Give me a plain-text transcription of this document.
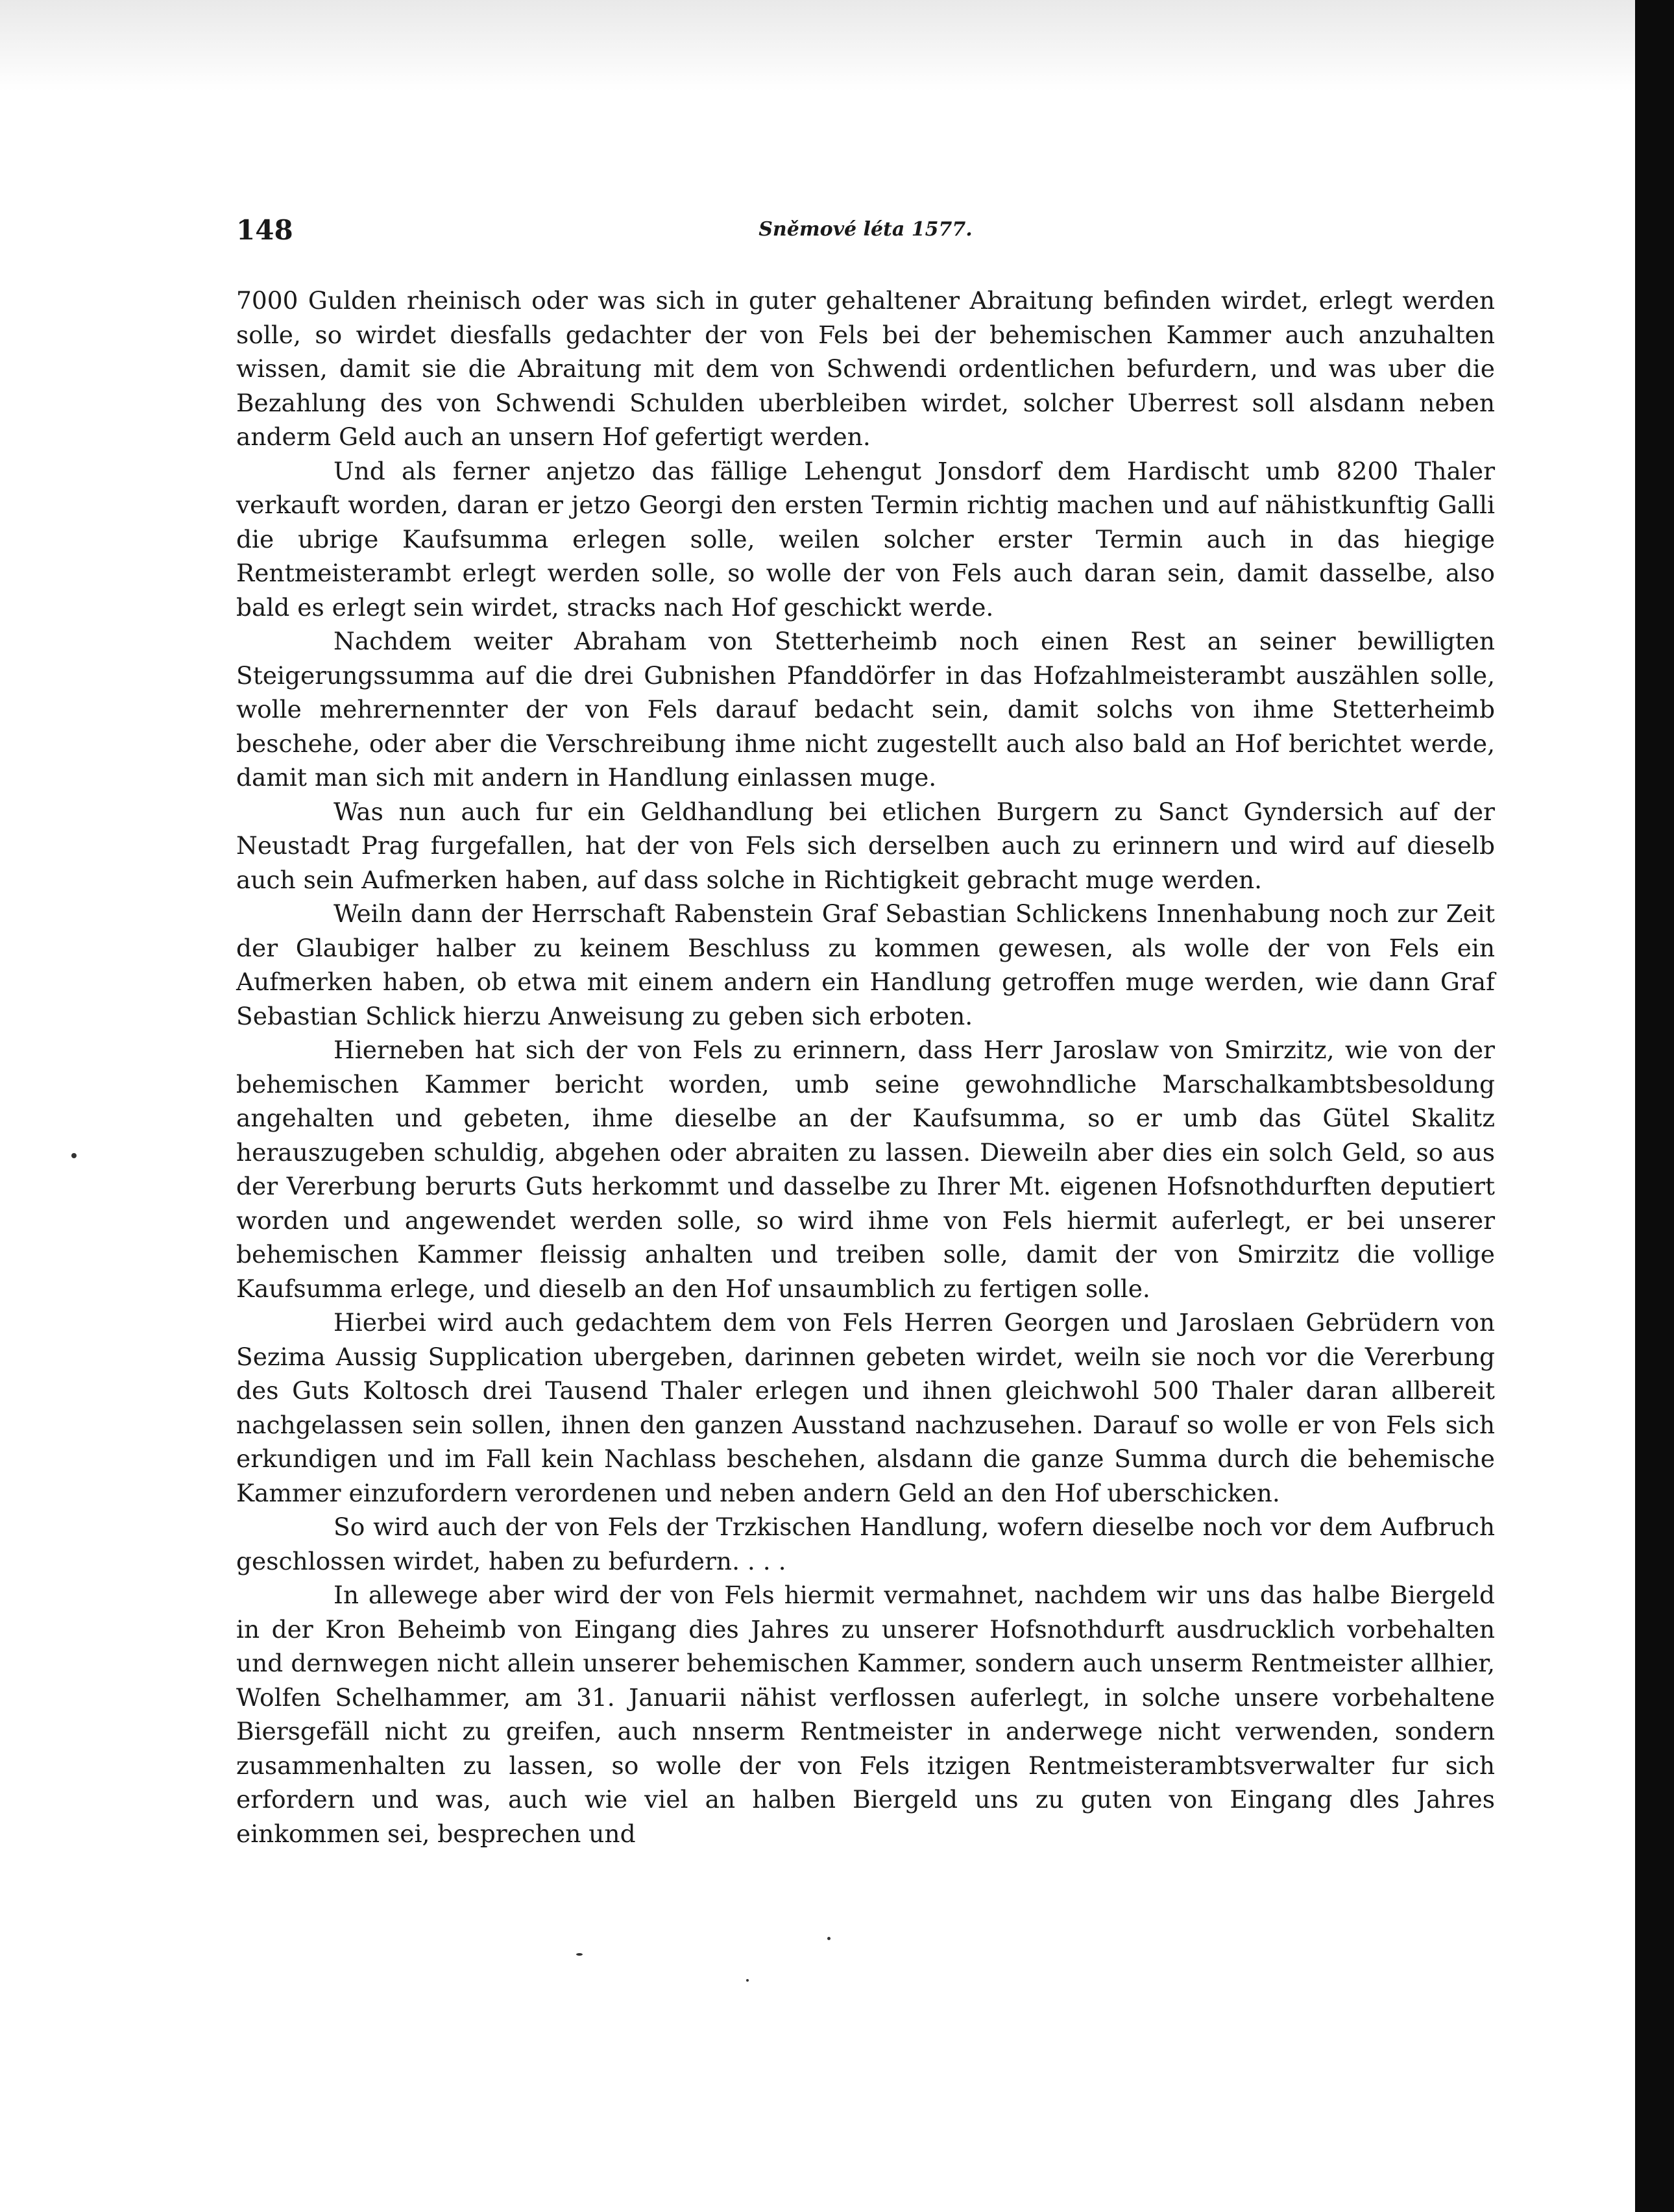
148	Sněmové léta 1577.

7000 Gulden rheinisch oder was sich in guter gehaltener Abraitung befinden wirdet, erlegt werden solle, so wirdet diesfalls gedachter der von Fels bei der behemischen Kammer auch anzuhalten wissen, damit sie die Abraitung mit dem von Schwendi ordentlichen befurdern, und was uber die Bezahlung des von Schwendi Schulden uberbleiben wirdet, solcher Uberrest soll alsdann neben anderm Geld auch an unsern Hof gefertigt werden.

Und als ferner anjetzo das fällige Lehengut Jonsdorf dem Hardischt umb 8200 Thaler verkauft worden, daran er jetzo Georgi den ersten Termin richtig machen und auf nähistkunftig Galli die ubrige Kaufsumma erlegen solle, weilen solcher erster Termin auch in das hiegige Rentmeisterambt erlegt werden solle, so wolle der von Fels auch daran sein, damit dasselbe, also bald es erlegt sein wirdet, stracks nach Hof geschickt werde.

Nachdem weiter Abraham von Stetterheimb noch einen Rest an seiner bewilligten Steigerungssumma auf die drei Gubnishen Pfanddörfer in das Hofzahlmeisterambt auszählen solle, wolle mehrernennter der von Fels darauf bedacht sein, damit solchs von ihme Stetterheimb beschehe, oder aber die Verschreibung ihme nicht zugestellt auch also bald an Hof berichtet werde, damit man sich mit andern in Handlung einlassen muge.

Was nun auch fur ein Geldhandlung bei etlichen Burgern zu Sanct Gyndersich auf der Neustadt Prag furgefallen, hat der von Fels sich derselben auch zu erinnern und wird auf dieselb auch sein Aufmerken haben, auf dass solche in Richtigkeit gebracht muge werden.

Weiln dann der Herrschaft Rabenstein Graf Sebastian Schlickens Innenhabung noch zur Zeit der Glaubiger halber zu keinem Beschluss zu kommen gewesen, als wolle der von Fels ein Aufmerken haben, ob etwa mit einem andern ein Handlung getroffen muge werden, wie dann Graf Sebastian Schlick hierzu Anweisung zu geben sich erboten.

Hierneben hat sich der von Fels zu erinnern, dass Herr Jaroslaw von Smirzitz, wie von der behemischen Kammer bericht worden, umb seine gewohndliche Marschalkambtsbesoldung angehalten und gebeten, ihme dieselbe an der Kaufsumma, so er umb das Gütel Skalitz herauszugeben schuldig, abgehen oder abraiten zu lassen. Dieweiln aber dies ein solch Geld, so aus der Vererbung berurts Guts herkommt und dasselbe zu Ihrer Mt. eigenen Hofsnothdurften deputiert worden und angewendet werden solle, so wird ihme von Fels hiermit auferlegt, er bei unserer behemischen Kammer fleissig anhalten und treiben solle, damit der von Smirzitz die vollige Kaufsumma erlege, und dieselb an den Hof unsaumblich zu fertigen solle.

Hierbei wird auch gedachtem dem von Fels Herren Georgen und Jaroslaen Gebrüdern von Sezima Aussig Supplication ubergeben, darinnen gebeten wirdet, weiln sie noch vor die Vererbung des Guts Koltosch drei Tausend Thaler erlegen und ihnen gleichwohl 500 Thaler daran allbereit nachgelassen sein sollen, ihnen den ganzen Ausstand nachzusehen. Darauf so wolle er von Fels sich erkundigen und im Fall kein Nachlass beschehen, alsdann die ganze Summa durch die behemische Kammer einzufordern verordenen und neben andern Geld an den Hof uberschicken.

So wird auch der von Fels der Trzkischen Handlung, wofern dieselbe noch vor dem Aufbruch geschlossen wirdet, haben zu befurdern. . . .

In allewege aber wird der von Fels hiermit vermahnet, nachdem wir uns das halbe Biergeld in der Kron Beheimb von Eingang dies Jahres zu unserer Hofsnothdurft ausdrucklich vorbehalten und dernwegen nicht allein unserer behemischen Kammer, sondern auch unserm Rentmeister allhier, Wolfen Schelhammer, am 31. Januarii nähist verflossen auferlegt, in solche unsere vorbehaltene Biersgefäll nicht zu greifen, auch nnserm Rentmeister in anderwege nicht verwenden, sondern zusammenhalten zu lassen, so wolle der von Fels itzigen Rentmeisterambtsverwalter fur sich erfordern und was, auch wie viel an halben Biergeld uns zu guten von Eingang dles Jahres einkommen sei, besprechen und
